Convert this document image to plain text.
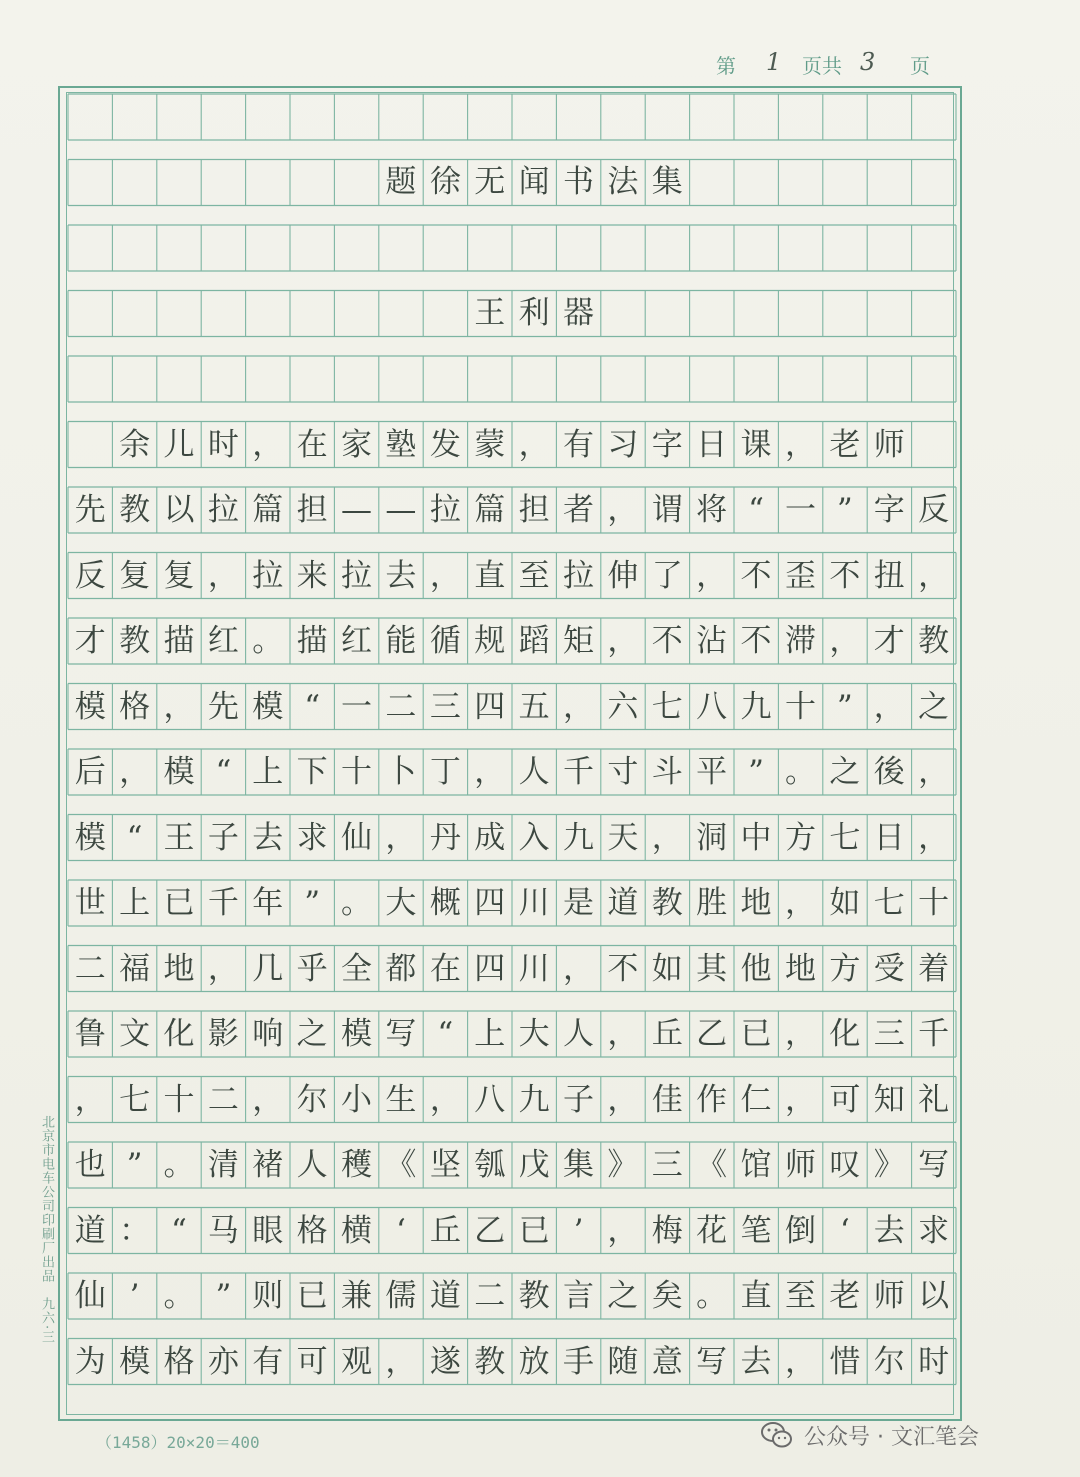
第 1 页共 3 页
题 徐 无 闻 书 法 集
王 利 器

余 儿 时 ， 在 家 塾 发 蒙 ， 有 习 字 日 课 ， 老 师
先 教 以 拉 篇 担 — — 拉 篇 担 者 ， 谓 将 “ 一 ” 字 反
反 复 复 ， 拉 来 拉 去 ， 直 至 拉 伸 了 ， 不 歪 不 扭 ，
才 教 描 红 。 描 红 能 循 规 蹈 矩 ， 不 沾 不 滞 ， 才 教
模 格 ， 先 模 “ 一 二 三 四 五 ， 六 七 八 九 十 ” ， 之
后 ， 模 “ 上 下 十 卜 丁 ， 人 千 寸 斗 平 ” 。 之 後 ，
模 “ 王 子 去 求 仙 ， 丹 成 入 九 天 ， 洞 中 方 七 日 ，
世 上 已 千 年 ” 。 大 概 四 川 是 道 教 胜 地 ， 如 七 十
二 福 地 ， 几 乎 全 都 在 四 川 ， 不 如 其 他 地 方 受 着
鲁 文 化 影 响 之 模 写 “ 上 大 人 ， 丘 乙 已 ， 化 三 千
， 七 十 二 ， 尔 小 生 ， 八 九 子 ， 佳 作 仁 ， 可 知 礼
也 ” 。 清 褚 人 穫 《 坚 瓠 戊 集 》 三 《 馆 师 叹 》 写
道 ： “ 马 眼 格 横 ‘ 丘 乙 已 ’ ， 梅 花 笔 倒 ‘ 去 求
仙 ’ 。 ” 则 已 兼 儒 道 二 教 言 之 矣 。 直 至 老 师 以
为 模 格 亦 有 可 观 ， 遂 教 放 手 随 意 写 去 ， 惜 尔 时
北京市电车公司印刷厂出品　九六·三
（1458）20×20＝400	公众号 · 文汇笔会
